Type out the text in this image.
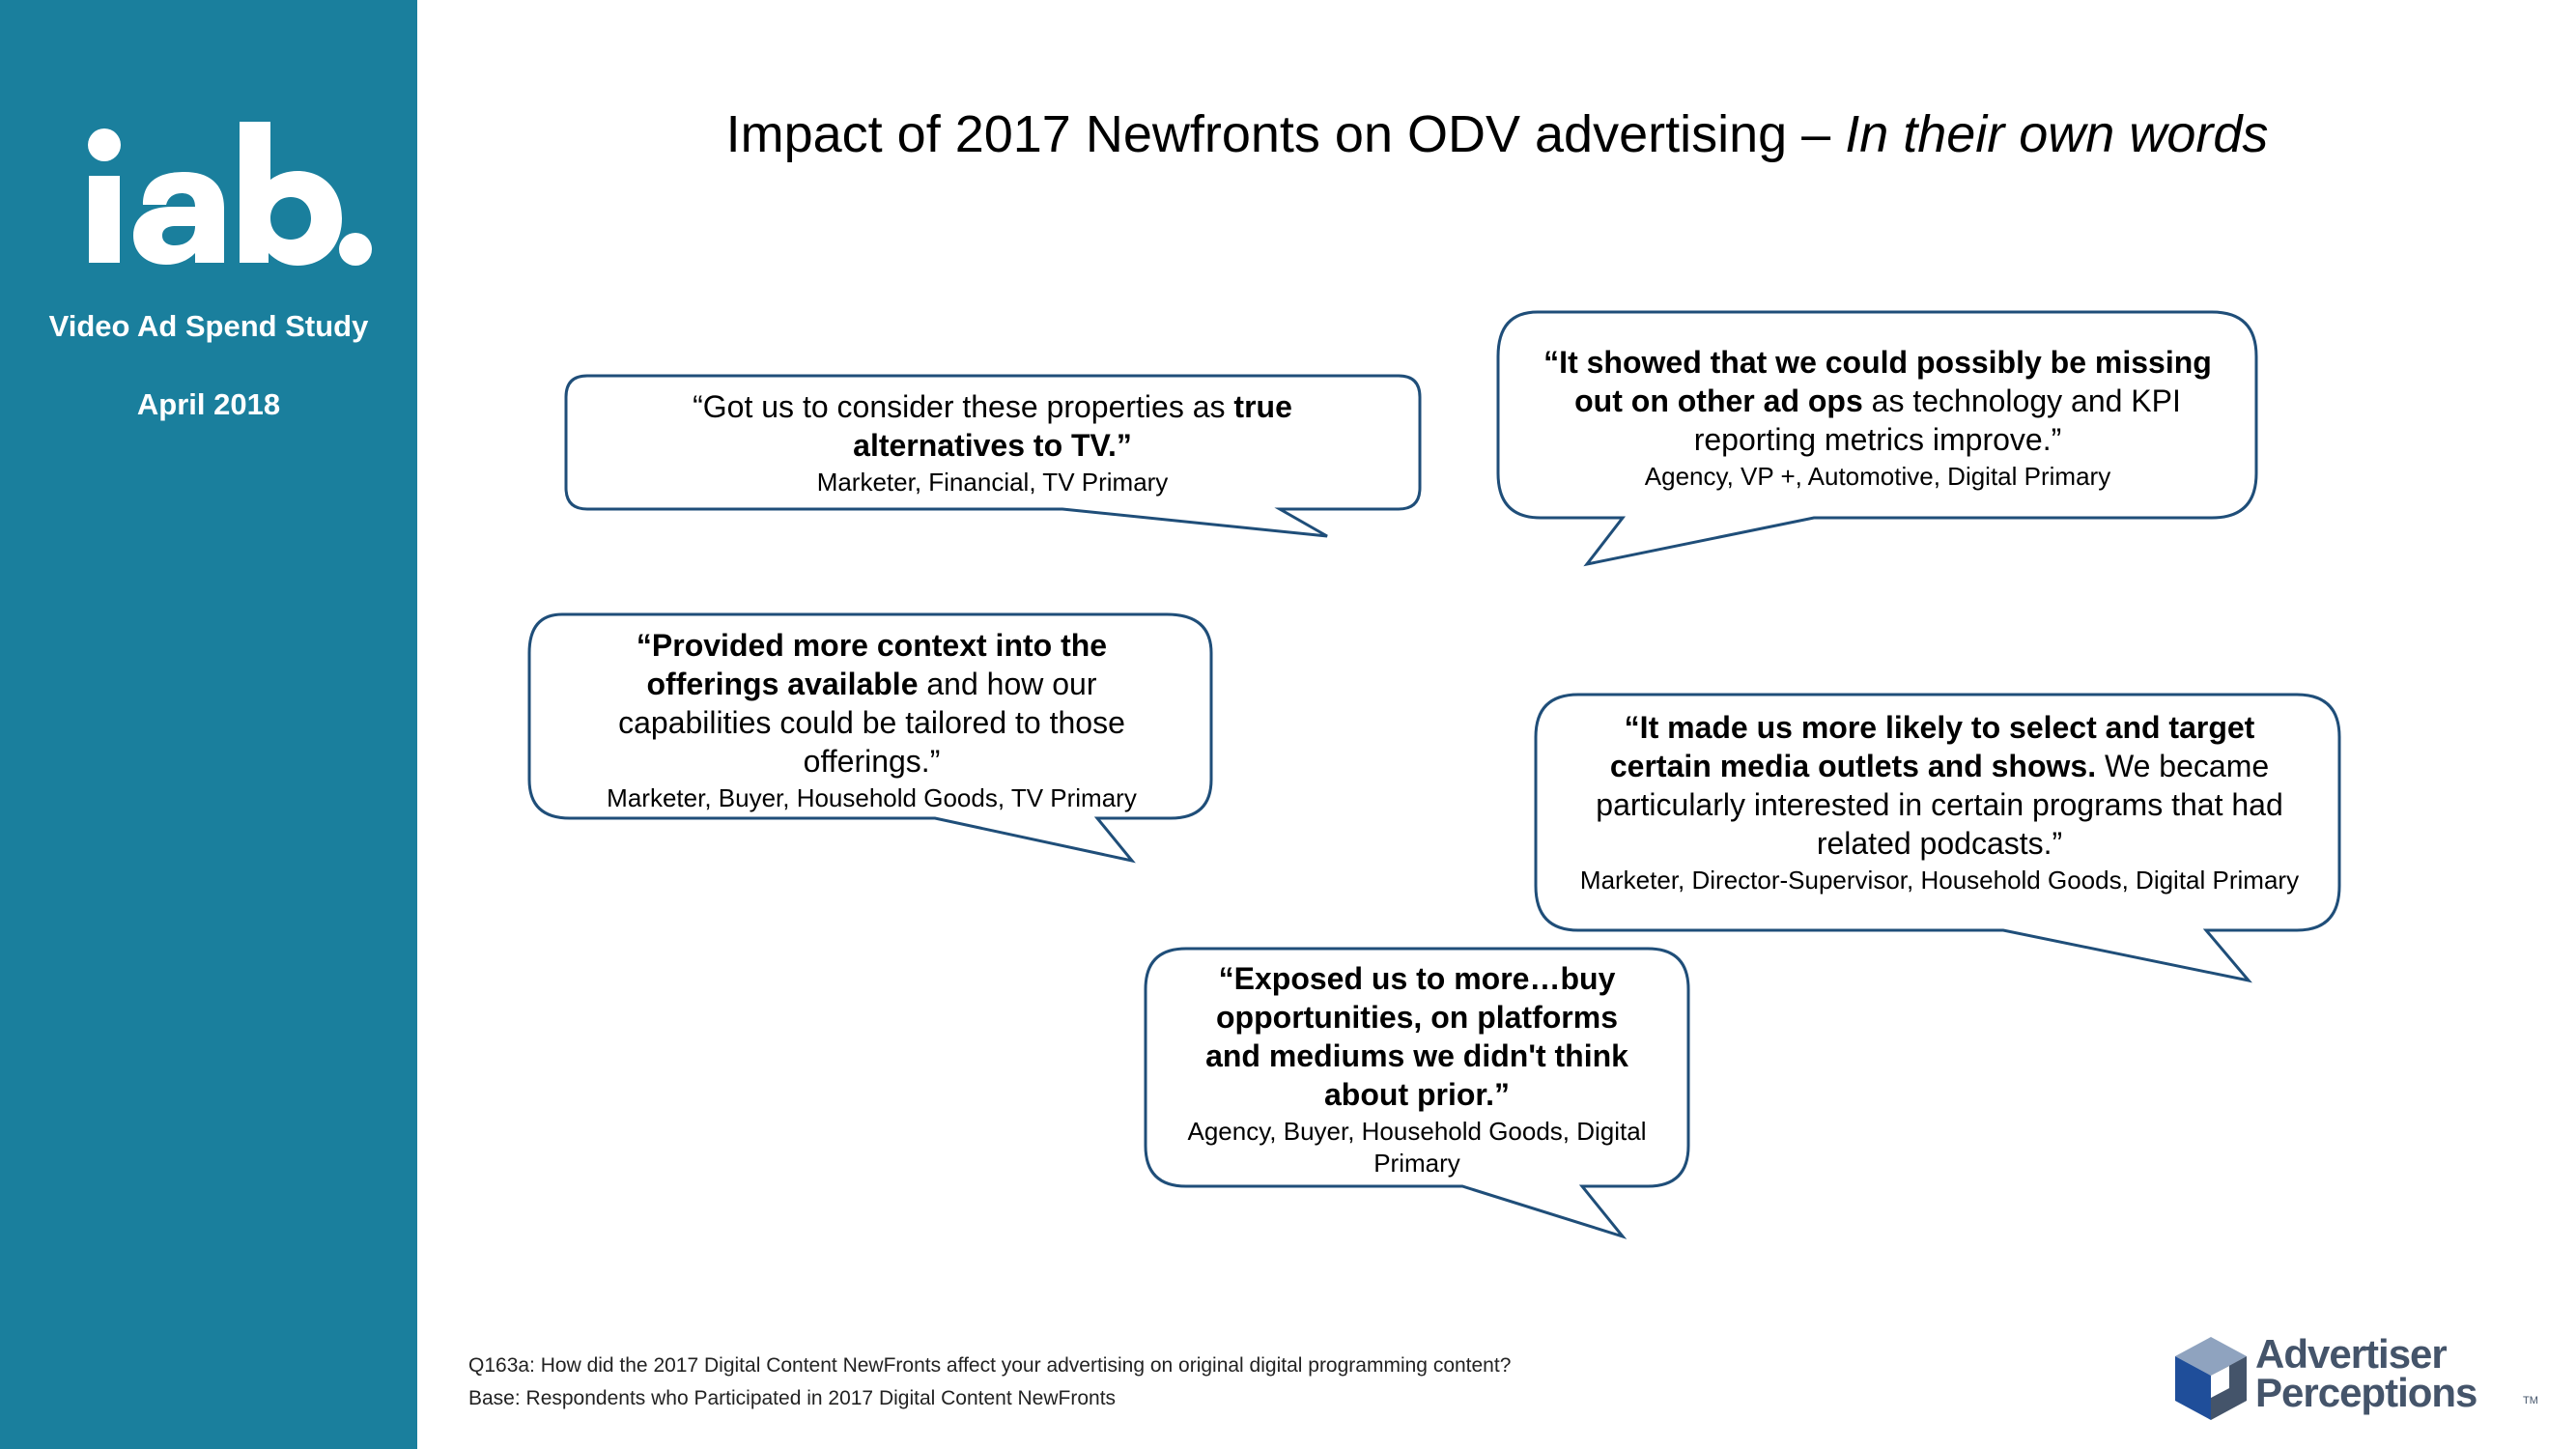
Video Ad Spend Study
April 2018
Impact of 2017 Newfronts on ODV advertising – In their own words
“Got us to consider these properties as true alternatives to TV.”
Marketer, Financial, TV Primary
“It showed that we could possibly be missing out on other ad ops as technology and KPI reporting metrics improve.”
Agency, VP +, Automotive, Digital Primary
“Provided more context into the offerings available and how our capabilities could be tailored to those offerings.”
Marketer, Buyer, Household Goods, TV Primary
“It made us more likely to select and target certain media outlets and shows. We became particularly interested in certain programs that had related podcasts.”
Marketer, Director-Supervisor, Household Goods, Digital Primary
“Exposed us to more…buy opportunities, on platforms and mediums we didn't think about prior.”
Agency, Buyer, Household Goods, Digital Primary
Q163a: How did the 2017 Digital Content NewFronts affect your advertising on original digital programming content?
Base: Respondents who Participated in 2017 Digital Content NewFronts
Advertiser
Perceptions	TM
